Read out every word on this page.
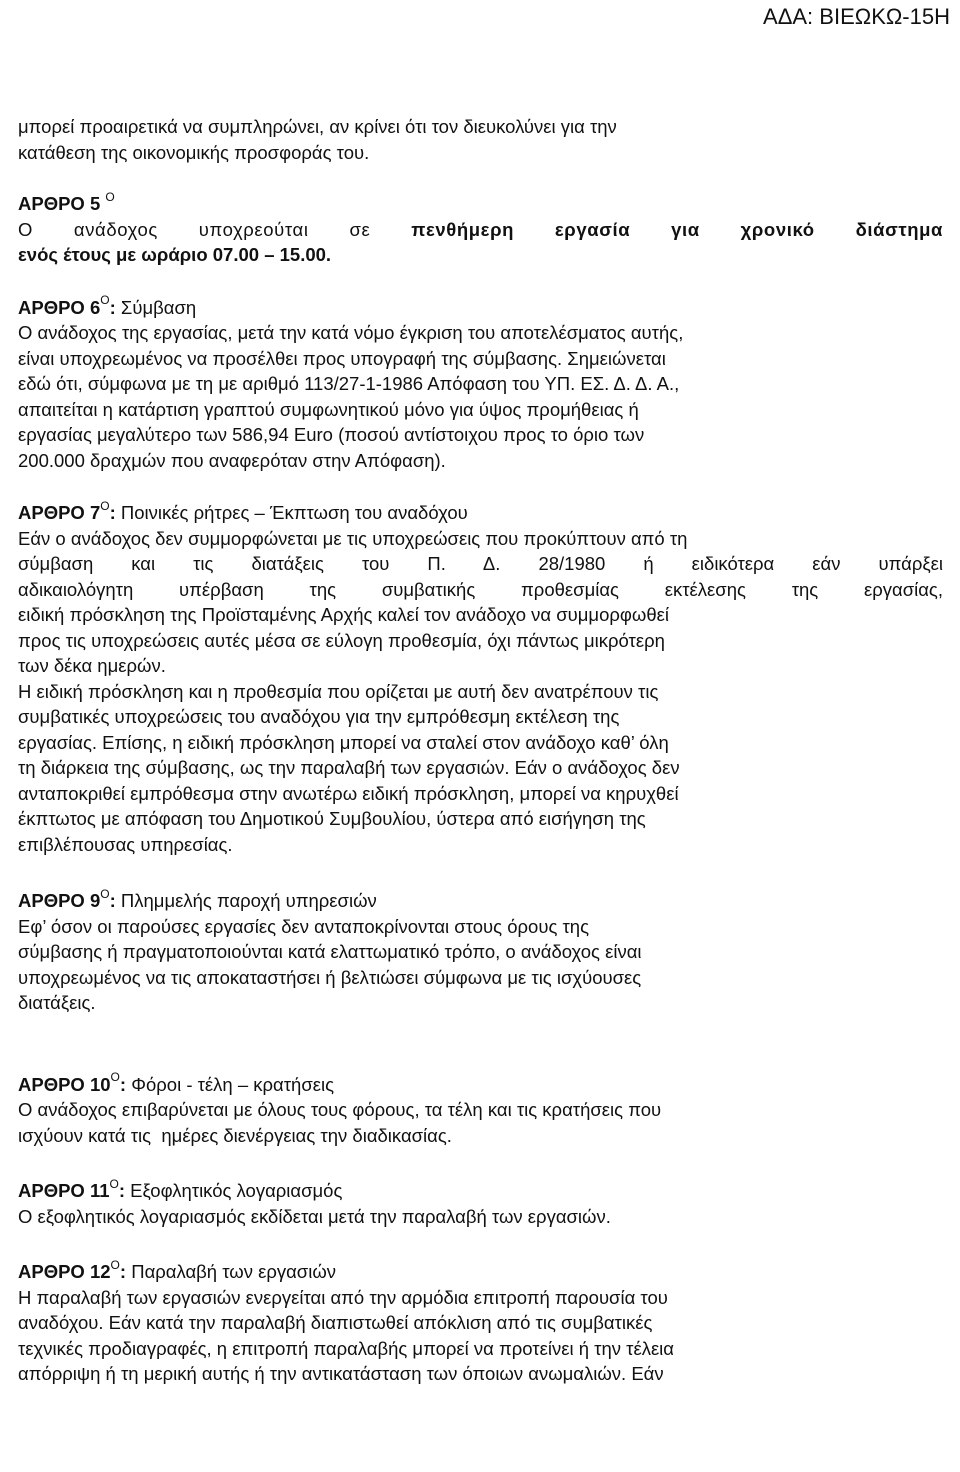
ΑΔΑ: ΒΙΕΩΚΩ-15Η
μπορεί προαιρετικά να συμπληρώνει, αν κρίνει ότι τον διευκολύνει για την
κατάθεση της οικονομικής προσφοράς του.
ΑΡΘΡΟ 5 $^O$
Ο ανάδοχος υποχρεούται σε πενθήμερη εργασία για χρονικό διάστημα
ενός έτους με ωράριο 07.00 – 15.00.
ΑΡΘΡΟ $6^O$: Σύμβαση
Ο ανάδοχος της εργασίας, μετά την κατά νόμο έγκριση του αποτελέσματος αυτής,
είναι υποχρεωμένος να προσέλθει προς υπογραφή της σύμβασης. Σημειώνεται
εδώ ότι, σύμφωνα με τη με αριθμό 113/27-1-1986 Απόφαση του ΥΠ. ΕΣ. Δ. Δ. Α.,
απαιτείται η κατάρτιση γραπτού συμφωνητικού μόνο για ύψος προμήθειας ή
εργασίας μεγαλύτερο των 586,94 Euro (ποσού αντίστοιχου προς το όριο των
200.000 δραχμών που αναφερόταν στην Απόφαση).
ΑΡΘΡΟ $7^O$: Ποινικές ρήτρες – Έκπτωση του αναδόχου
Εάν ο ανάδοχος δεν συμμορφώνεται με τις υποχρεώσεις που προκύπτουν από τη
σύμβαση και τις διατάξεις του Π. Δ. 28/1980 ή ειδικότερα εάν υπάρξει
αδικαιολόγητη υπέρβαση της συμβατικής προθεσμίας εκτέλεσης της εργασίας,
ειδική πρόσκληση της Προϊσταμένης Αρχής καλεί τον ανάδοχο να συμμορφωθεί
προς τις υποχρεώσεις αυτές μέσα σε εύλογη προθεσμία, όχι πάντως μικρότερη
των δέκα ημερών.
Η ειδική πρόσκληση και η προθεσμία που ορίζεται με αυτή δεν ανατρέπουν τις
συμβατικές υποχρεώσεις του αναδόχου για την εμπρόθεσμη εκτέλεση της
εργασίας. Επίσης, η ειδική πρόσκληση μπορεί να σταλεί στον ανάδοχο καθ’ όλη
τη διάρκεια της σύμβασης, ως την παραλαβή των εργασιών. Εάν ο ανάδοχος δεν
ανταποκριθεί εμπρόθεσμα στην ανωτέρω ειδική πρόσκληση, μπορεί να κηρυχθεί
έκπτωτος με απόφαση του Δημοτικού Συμβουλίου, ύστερα από εισήγηση της
επιβλέπουσας υπηρεσίας.
ΑΡΘΡΟ $9^O$: Πλημμελής παροχή υπηρεσιών
Εφ’ όσον οι παρούσες εργασίες δεν ανταποκρίνονται στους όρους της
σύμβασης ή πραγματοποιούνται κατά ελαττωματικό τρόπο, ο ανάδοχος είναι
υποχρεωμένος να τις αποκαταστήσει ή βελτιώσει σύμφωνα με τις ισχύουσες
διατάξεις.
ΑΡΘΡΟ $10^O$: Φόροι - τέλη – κρατήσεις
Ο ανάδοχος επιβαρύνεται με όλους τους φόρους, τα τέλη και τις κρατήσεις που
ισχύουν κατά τις  ημέρες διενέργειας την διαδικασίας.
ΑΡΘΡΟ $11^O$: Εξοφλητικός λογαριασμός
Ο εξοφλητικός λογαριασμός εκδίδεται μετά την παραλαβή των εργασιών.
ΑΡΘΡΟ $12^O$: Παραλαβή των εργασιών
Η παραλαβή των εργασιών ενεργείται από την αρμόδια επιτροπή παρουσία του
αναδόχου. Εάν κατά την παραλαβή διαπιστωθεί απόκλιση από τις συμβατικές
τεχνικές προδιαγραφές, η επιτροπή παραλαβής μπορεί να προτείνει ή την τέλεια
απόρριψη ή τη μερική αυτής ή την αντικατάσταση των όποιων ανωμαλιών. Εάν
